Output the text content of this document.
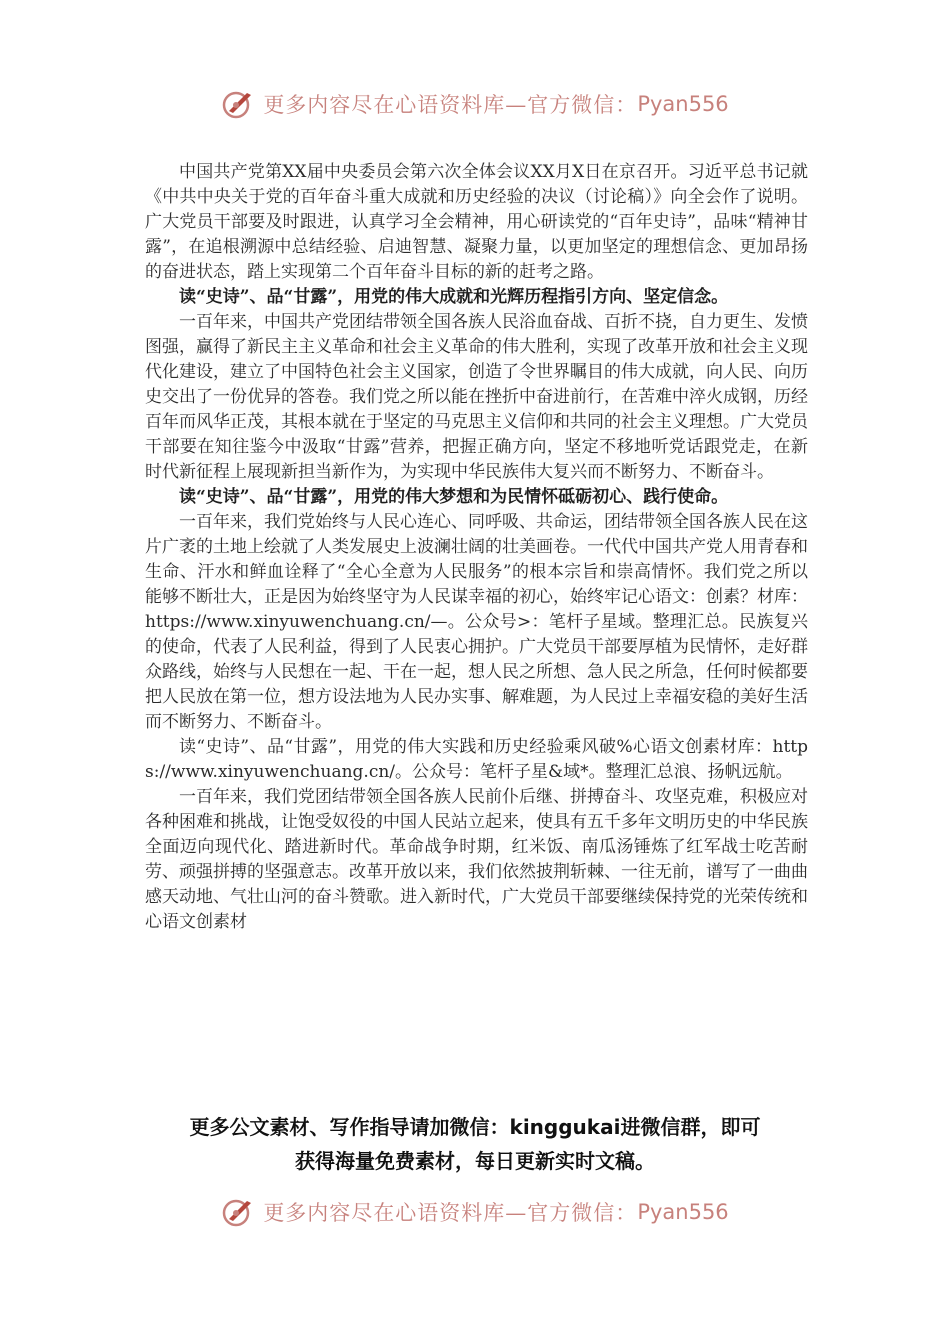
更多内容尽在心语资料库—官方微信： Pyan556

中国共产党第XX届中央委员会第六次全体会议XX月X日在京召开。习近平总书记就《中共中央关于党的百年奋斗重大成就和历史经验的决议（讨论稿）》向全会作了说明。广大党员干部要及时跟进，认真学习全会精神，用心研读党的“百年史诗”，品味“精神甘露”，在追根溯源中总结经验、启迪智慧、凝聚力量，以更加坚定的理想信念、更加昂扬的奋进状态，踏上实现第二个百年奋斗目标的新的赶考之路。

读“史诗”、品“甘露”，用党的伟大成就和光辉历程指引方向、坚定信念。

一百年来，中国共产党团结带领全国各族人民浴血奋战、百折不挠，自力更生、发愤图强，赢得了新民主主义革命和社会主义革命的伟大胜利，实现了改革开放和社会主义现代化建设，建立了中国特色社会主义国家，创造了令世界瞩目的伟大成就，向人民、向历史交出了一份优异的答卷。我们党之所以能在挫折中奋进前行，在苦难中淬火成钢，历经百年而风华正茂，其根本就在于坚定的马克思主义信仰和共同的社会主义理想。广大党员干部要在知往鉴今中汲取“甘露”营养，把握正确方向，坚定不移地听党话跟党走，在新时代新征程上展现新担当新作为，为实现中华民族伟大复兴而不断努力、不断奋斗。

读“史诗”、品“甘露”，用党的伟大梦想和为民情怀砥砺初心、践行使命。

一百年来，我们党始终与人民心连心、同呼吸、共命运，团结带领全国各族人民在这片广袤的土地上绘就了人类发展史上波澜壮阔的壮美画卷。一代代中国共产党人用青春和生命、汗水和鲜血诠释了“全心全意为人民服务”的根本宗旨和崇高情怀。我们党之所以能够不断壮大，正是因为始终坚守为人民谋幸福的初心，始终牢记心语文：创素？材库：https://www.xinyuwenchuang.cn/—。公众号>：笔杆子星域。整理汇总。民族复兴的使命，代表了人民利益，得到了人民衷心拥护。广大党员干部要厚植为民情怀，走好群众路线，始终与人民想在一起、干在一起，想人民之所想、急人民之所急，任何时候都要把人民放在第一位，想方设法地为人民办实事、解难题，为人民过上幸福安稳的美好生活而不断努力、不断奋斗。

读“史诗”、品“甘露”，用党的伟大实践和历史经验乘风破%心语文创素材库：https://www.xinyuwenchuang.cn/。公众号：笔杆子星&域*。整理汇总浪、扬帆远航。

一百年来，我们党团结带领全国各族人民前仆后继、拼搏奋斗、攻坚克难，积极应对各种困难和挑战，让饱受奴役的中国人民站立起来，使具有五千多年文明历史的中华民族全面迈向现代化、踏进新时代。革命战争时期，红米饭、南瓜汤锤炼了红军战士吃苦耐劳、顽强拼搏的坚强意志。改革开放以来，我们依然披荆斩棘、一往无前，谱写了一曲曲感天动地、气壮山河的奋斗赞歌。进入新时代，广大党员干部要继续保持党的光荣传统和心语文创素材

更多公文素材、写作指导请加微信：kinggukai进微信群，即可
获得海量免费素材，每日更新实时文稿。
更多内容尽在心语资料库—官方微信： Pyan556
